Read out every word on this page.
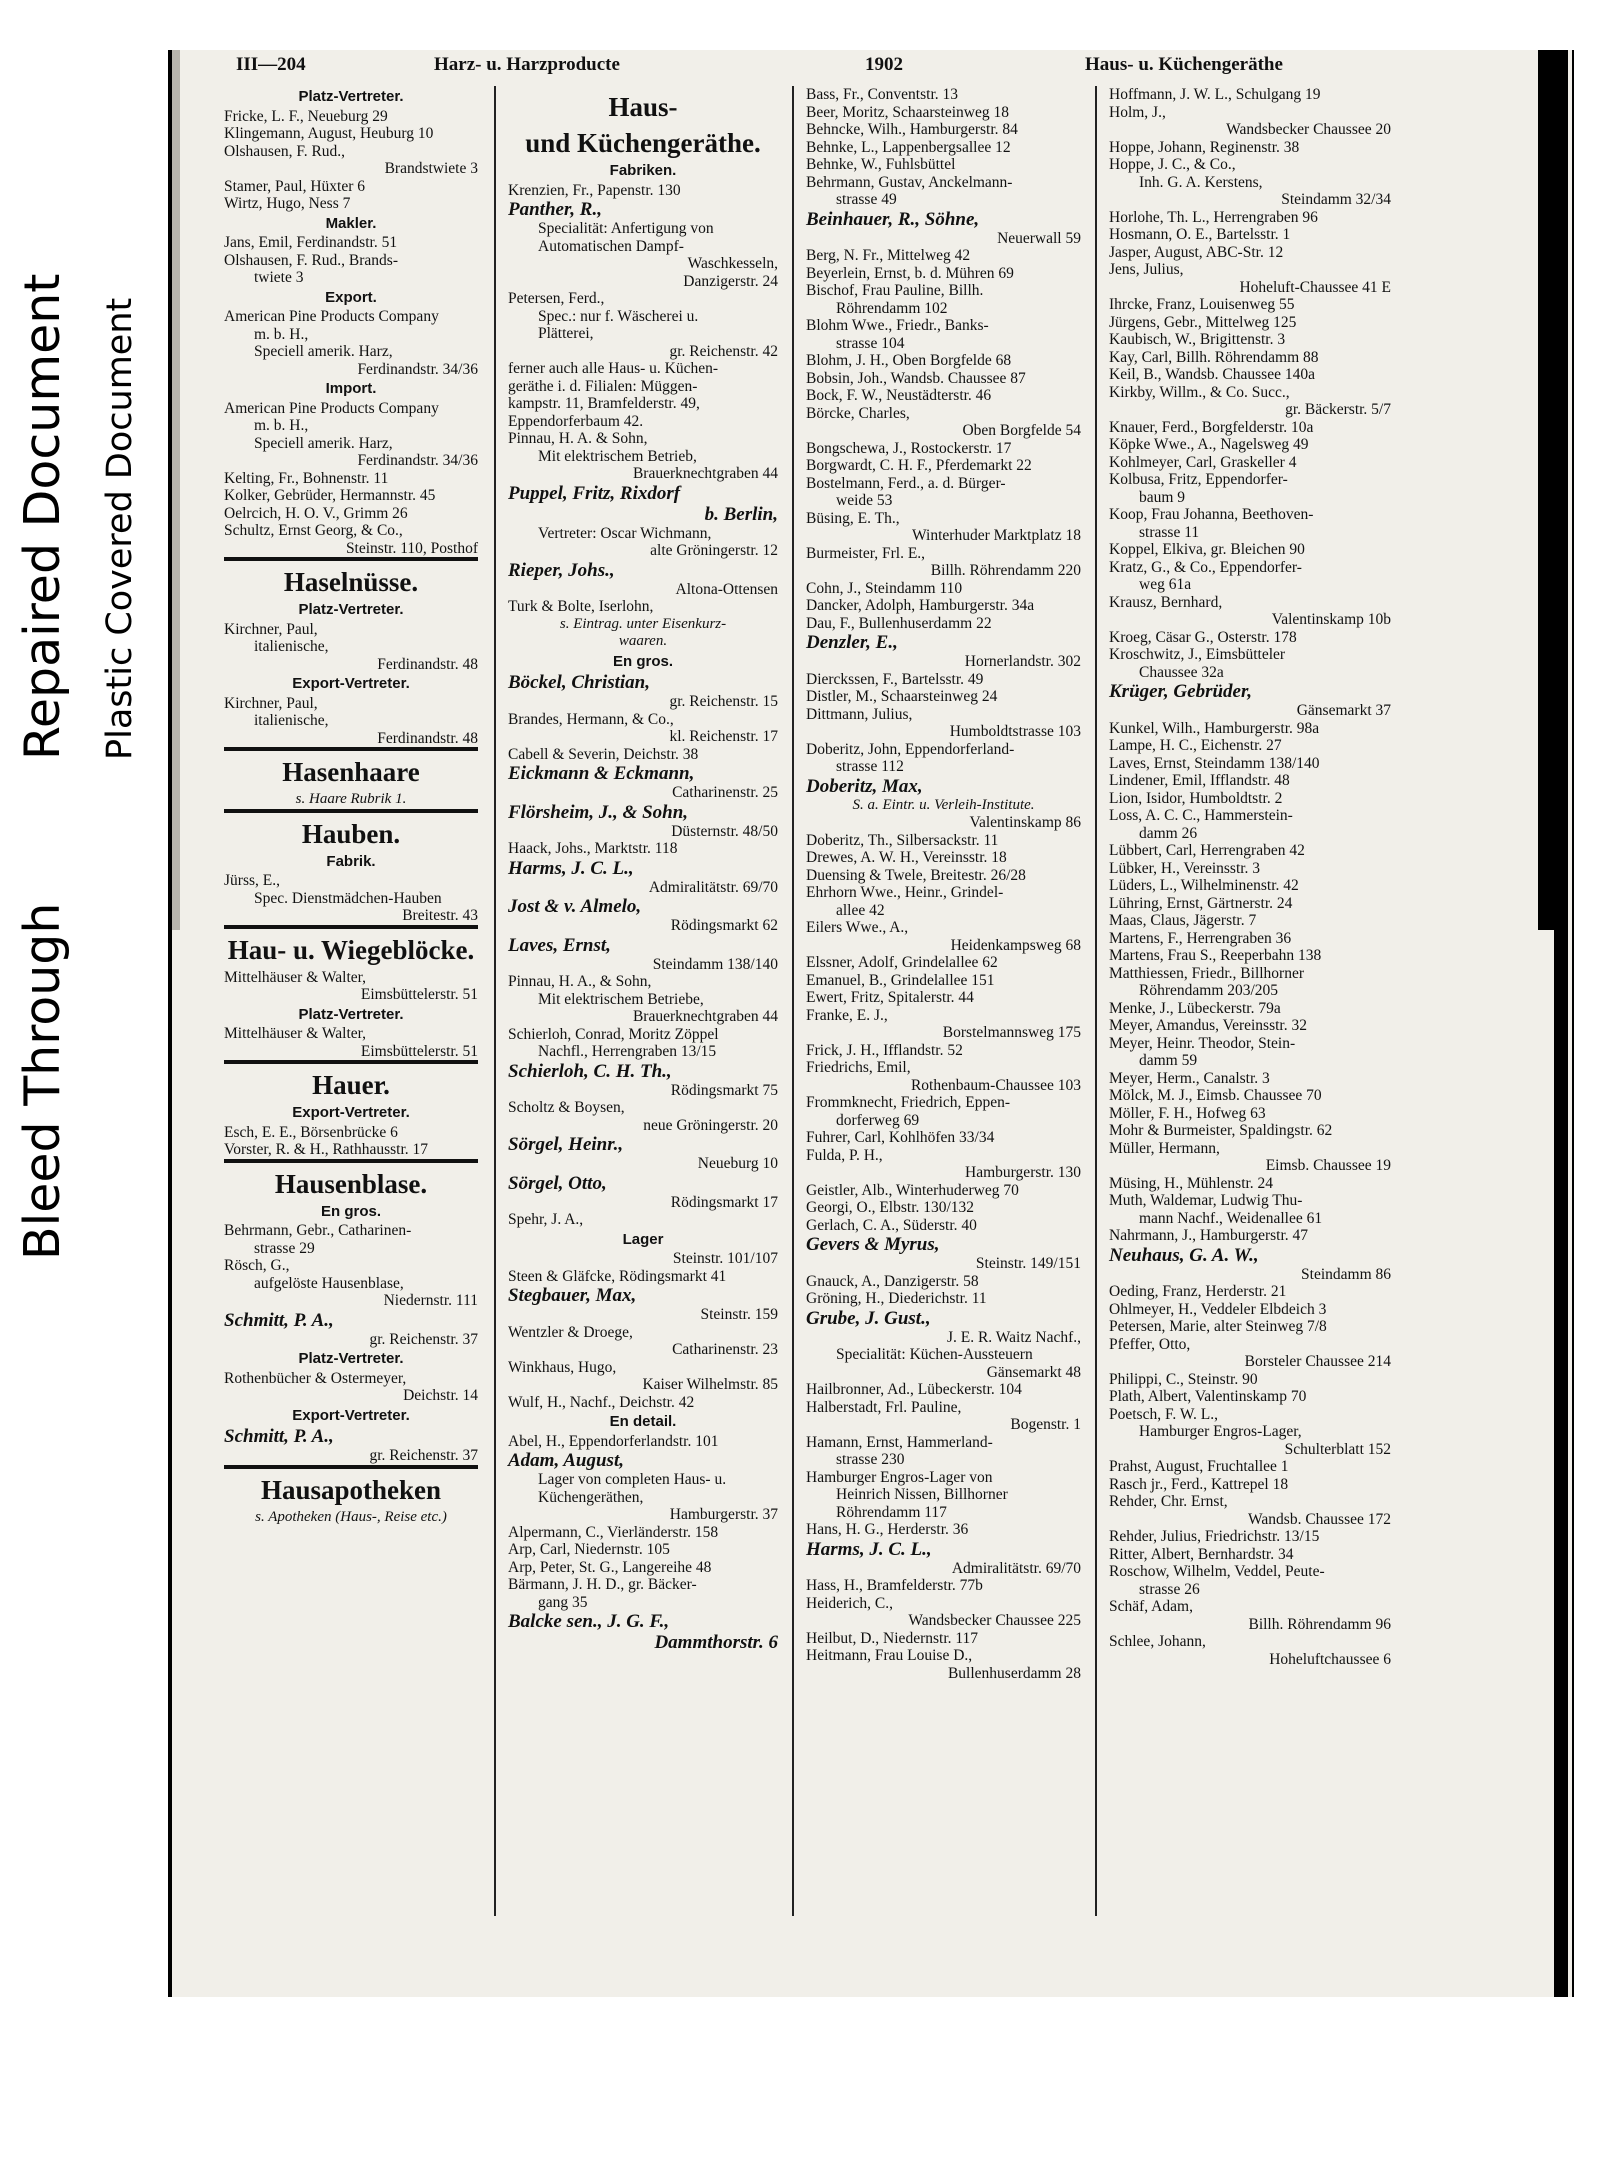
Bleed Through
Repaired Document Plastic Covered Document
III—204	Harz- u. Harzproducte	1902	Haus- u. Küchengeräthe

Platz-Vertreter.

Fricke, L. F., Neueburg 29

Klingemann, August, Heuburg 10

Olshausen, F. Rud.,

Brandstwiete 3

Stamer, Paul, Hüxter 6

Wirtz, Hugo, Ness 7

Makler.

Jans, Emil, Ferdinandstr. 51

Olshausen, F. Rud., Brands-

twiete 3

Export.

American Pine Products Company

m. b. H.,

Speciell amerik. Harz,

Ferdinandstr. 34/36

Import.

American Pine Products Company

m. b. H.,

Speciell amerik. Harz,

Ferdinandstr. 34/36

Kelting, Fr., Bohnenstr. 11

Kolker, Gebrüder, Hermannstr. 45

Oelrcich, H. O. V., Grimm 26

Schultz, Ernst Georg, & Co.,

Steinstr. 110, Posthof

Haselnüsse.

Platz-Vertreter.

Kirchner, Paul,

italienische,

Ferdinandstr. 48

Export-Vertreter.

Kirchner, Paul,

italienische,

Ferdinandstr. 48

Hasenhaare

s. Haare Rubrik 1.

Hauben.

Fabrik.

Jürss, E.,

Spec. Dienstmädchen-Hauben

Breitestr. 43

Hau- u. Wiegeblöcke.

Mittelhäuser & Walter,

Eimsbüttelerstr. 51

Platz-Vertreter.

Mittelhäuser & Walter,

Eimsbüttelerstr. 51

Hauer.

Export-Vertreter.

Esch, E. E., Börsenbrücke 6

Vorster, R. & H., Rathhausstr. 17

Hausenblase.

En gros.

Behrmann, Gebr., Catharinen-

strasse 29

Rösch, G.,

aufgelöste Hausenblase,

Niedernstr. 111

Schmitt, P. A.,

gr. Reichenstr. 37

Platz-Vertreter.

Rothenbücher & Ostermeyer,

Deichstr. 14

Export-Vertreter.

Schmitt, P. A.,

gr. Reichenstr. 37

Hausapotheken

s. Apotheken (Haus-, Reise etc.)

Haus-

und Küchengeräthe.

Fabriken.

Krenzien, Fr., Papenstr. 130

Panther, R.,

Specialität: Anfertigung von

Automatischen Dampf-

Waschkesseln,

Danzigerstr. 24

Petersen, Ferd.,

Spec.: nur f. Wäscherei u.

Plätterei,

gr. Reichenstr. 42

ferner auch alle Haus- u. Küchen-

geräthe i. d. Filialen: Müggen-

kampstr. 11, Bramfelderstr. 49,

Eppendorferbaum 42.

Pinnau, H. A. & Sohn,

Mit elektrischem Betrieb,

Brauerknechtgraben 44

Puppel, Fritz, Rixdorf

b. Berlin,

Vertreter: Oscar Wichmann,

alte Gröningerstr. 12

Rieper, Johs.,

Altona-Ottensen

Turk & Bolte, Iserlohn,

s. Eintrag. unter Eisenkurz-

waaren.

En gros.

Böckel, Christian,

gr. Reichenstr. 15

Brandes, Hermann, & Co.,

kl. Reichenstr. 17

Cabell & Severin, Deichstr. 38

Eickmann & Eckmann,

Catharinenstr. 25

Flörsheim, J., & Sohn,

Düsternstr. 48/50

Haack, Johs., Marktstr. 118

Harms, J. C. L.,

Admiralitätstr. 69/70

Jost & v. Almelo,

Rödingsmarkt 62

Laves, Ernst,

Steindamm 138/140

Pinnau, H. A., & Sohn,

Mit elektrischem Betriebe,

Brauerknechtgraben 44

Schierloh, Conrad, Moritz Zöppel

Nachfl., Herrengraben 13/15

Schierloh, C. H. Th.,

Rödingsmarkt 75

Scholtz & Boysen,

neue Gröningerstr. 20

Sörgel, Heinr.,

Neueburg 10

Sörgel, Otto,

Rödingsmarkt 17

Spehr, J. A.,

Lager

Steinstr. 101/107

Steen & Gläfcke, Rödingsmarkt 41

Stegbauer, Max,

Steinstr. 159

Wentzler & Droege,

Catharinenstr. 23

Winkhaus, Hugo,

Kaiser Wilhelmstr. 85

Wulf, H., Nachf., Deichstr. 42

En detail.

Abel, H., Eppendorferlandstr. 101

Adam, August,

Lager von completen Haus- u.

Küchengeräthen,

Hamburgerstr. 37

Alpermann, C., Vierländerstr. 158

Arp, Carl, Niedernstr. 105

Arp, Peter, St. G., Langereihe 48

Bärmann, J. H. D., gr. Bäcker-

gang 35

Balcke sen., J. G. F.,

Dammthorstr. 6

Bass, Fr., Conventstr. 13

Beer, Moritz, Schaarsteinweg 18

Behncke, Wilh., Hamburgerstr. 84

Behnke, L., Lappenbergsallee 12

Behnke, W., Fuhlsbüttel

Behrmann, Gustav, Anckelmann-

strasse 49

Beinhauer, R., Söhne,

Neuerwall 59

Berg, N. Fr., Mittelweg 42

Beyerlein, Ernst, b. d. Mühren 69

Bischof, Frau Pauline, Billh.

Röhrendamm 102

Blohm Wwe., Friedr., Banks-

strasse 104

Blohm, J. H., Oben Borgfelde 68

Bobsin, Joh., Wandsb. Chaussee 87

Bock, F. W., Neustädterstr. 46

Börcke, Charles,

Oben Borgfelde 54

Bongschewa, J., Rostockerstr. 17

Borgwardt, C. H. F., Pferdemarkt 22

Bostelmann, Ferd., a. d. Bürger-

weide 53

Büsing, E. Th.,

Winterhuder Marktplatz 18

Burmeister, Frl. E.,

Billh. Röhrendamm 220

Cohn, J., Steindamm 110

Dancker, Adolph, Hamburgerstr. 34a

Dau, F., Bullenhuserdamm 22

Denzler, E.,

Hornerlandstr. 302

Dierckssen, F., Bartelsstr. 49

Distler, M., Schaarsteinweg 24

Dittmann, Julius,

Humboldtstrasse 103

Doberitz, John, Eppendorferland-

strasse 112

Doberitz, Max,

S. a. Eintr. u. Verleih-Institute.

Valentinskamp 86

Doberitz, Th., Silbersackstr. 11

Drewes, A. W. H., Vereinsstr. 18

Duensing & Twele, Breitestr. 26/28

Ehrhorn Wwe., Heinr., Grindel-

allee 42

Eilers Wwe., A.,

Heidenkampsweg 68

Elssner, Adolf, Grindelallee 62

Emanuel, B., Grindelallee 151

Ewert, Fritz, Spitalerstr. 44

Franke, E. J.,

Borstelmannsweg 175

Frick, J. H., Ifflandstr. 52

Friedrichs, Emil,

Rothenbaum-Chaussee 103

Frommknecht, Friedrich, Eppen-

dorferweg 69

Fuhrer, Carl, Kohlhöfen 33/34

Fulda, P. H.,

Hamburgerstr. 130

Geistler, Alb., Winterhuderweg 70

Georgi, O., Elbstr. 130/132

Gerlach, C. A., Süderstr. 40

Gevers & Myrus,

Steinstr. 149/151

Gnauck, A., Danzigerstr. 58

Gröning, H., Diederichstr. 11

Grube, J. Gust.,

J. E. R. Waitz Nachf.,

Specialität: Küchen-Aussteuern

Gänsemarkt 48

Hailbronner, Ad., Lübeckerstr. 104

Halberstadt, Frl. Pauline,

Bogenstr. 1

Hamann, Ernst, Hammerland-

strasse 230

Hamburger Engros-Lager von

Heinrich Nissen, Billhorner

Röhrendamm 117

Hans, H. G., Herderstr. 36

Harms, J. C. L.,

Admiralitätstr. 69/70

Hass, H., Bramfelderstr. 77b

Heiderich, C.,

Wandsbecker Chaussee 225

Heilbut, D., Niedernstr. 117

Heitmann, Frau Louise D.,

Bullenhuserdamm 28

Hoffmann, J. W. L., Schulgang 19

Holm, J.,

Wandsbecker Chaussee 20

Hoppe, Johann, Reginenstr. 38

Hoppe, J. C., & Co.,

Inh. G. A. Kerstens,

Steindamm 32/34

Horlohe, Th. L., Herrengraben 96

Hosmann, O. E., Bartelsstr. 1

Jasper, August, ABC-Str. 12

Jens, Julius,

Hoheluft-Chaussee 41 E

Ihrcke, Franz, Louisenweg 55

Jürgens, Gebr., Mittelweg 125

Kaubisch, W., Brigittenstr. 3

Kay, Carl, Billh. Röhrendamm 88

Keil, B., Wandsb. Chaussee 140a

Kirkby, Willm., & Co. Succ.,

gr. Bäckerstr. 5/7

Knauer, Ferd., Borgfelderstr. 10a

Köpke Wwe., A., Nagelsweg 49

Kohlmeyer, Carl, Graskeller 4

Kolbusa, Fritz, Eppendorfer-

baum 9

Koop, Frau Johanna, Beethoven-

strasse 11

Koppel, Elkiva, gr. Bleichen 90

Kratz, G., & Co., Eppendorfer-

weg 61a

Krausz, Bernhard,

Valentinskamp 10b

Kroeg, Cäsar G., Osterstr. 178

Kroschwitz, J., Eimsbütteler

Chaussee 32a

Krüger, Gebrüder,

Gänsemarkt 37

Kunkel, Wilh., Hamburgerstr. 98a

Lampe, H. C., Eichenstr. 27

Laves, Ernst, Steindamm 138/140

Lindener, Emil, Ifflandstr. 48

Lion, Isidor, Humboldtstr. 2

Loss, A. C. C., Hammerstein-

damm 26

Lübbert, Carl, Herrengraben 42

Lübker, H., Vereinsstr. 3

Lüders, L., Wilhelminenstr. 42

Lühring, Ernst, Gärtnerstr. 24

Maas, Claus, Jägerstr. 7

Martens, F., Herrengraben 36

Martens, Frau S., Reeperbahn 138

Matthiessen, Friedr., Billhorner

Röhrendamm 203/205

Menke, J., Lübeckerstr. 79a

Meyer, Amandus, Vereinsstr. 32

Meyer, Heinr. Theodor, Stein-

damm 59

Meyer, Herm., Canalstr. 3

Mölck, M. J., Eimsb. Chaussee 70

Möller, F. H., Hofweg 63

Mohr & Burmeister, Spaldingstr. 62

Müller, Hermann,

Eimsb. Chaussee 19

Müsing, H., Mühlenstr. 24

Muth, Waldemar, Ludwig Thu-

mann Nachf., Weidenallee 61

Nahrmann, J., Hamburgerstr. 47

Neuhaus, G. A. W.,

Steindamm 86

Oeding, Franz, Herderstr. 21

Ohlmeyer, H., Veddeler Elbdeich 3

Petersen, Marie, alter Steinweg 7/8

Pfeffer, Otto,

Borsteler Chaussee 214

Philippi, C., Steinstr. 90

Plath, Albert, Valentinskamp 70

Poetsch, F. W. L.,

Hamburger Engros-Lager,

Schulterblatt 152

Prahst, August, Fruchtallee 1

Rasch jr., Ferd., Kattrepel 18

Rehder, Chr. Ernst,

Wandsb. Chaussee 172

Rehder, Julius, Friedrichstr. 13/15

Ritter, Albert, Bernhardstr. 34

Roschow, Wilhelm, Veddel, Peute-

strasse 26

Schäf, Adam,

Billh. Röhrendamm 96

Schlee, Johann,

Hoheluftchaussee 6
